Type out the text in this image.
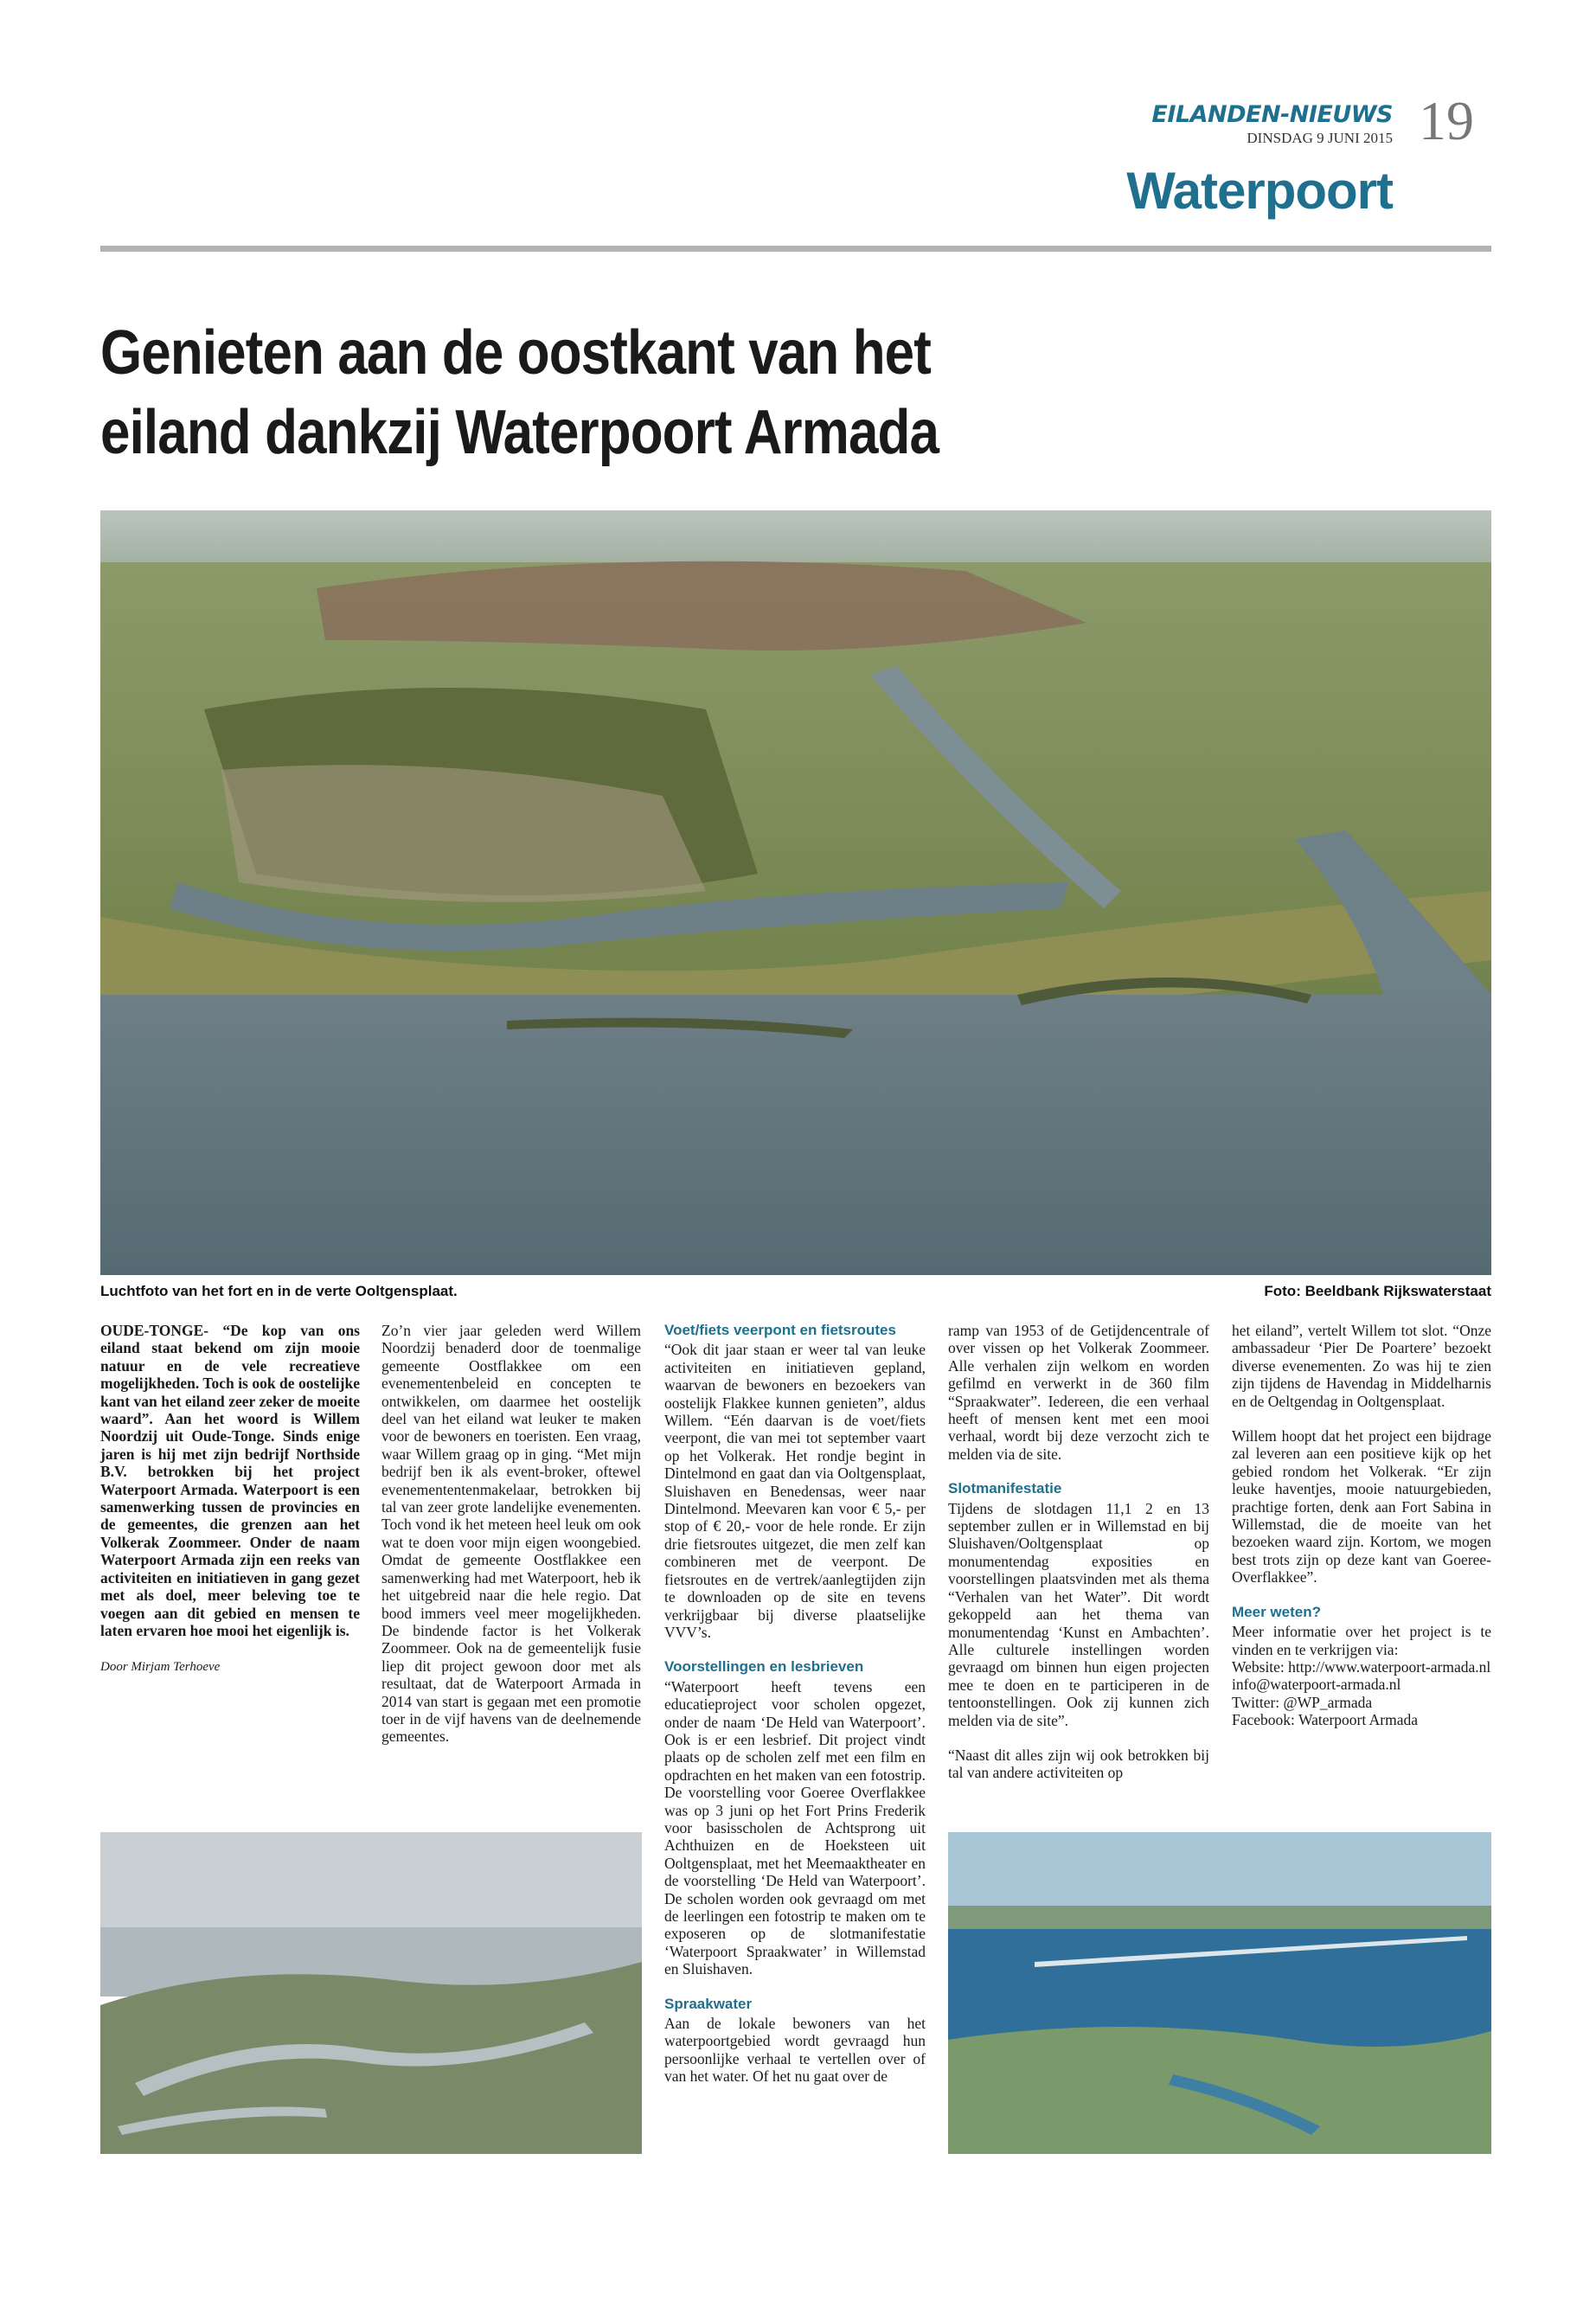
EILANDEN-NIEUWS
DINSDAG 9 JUNI 2015 19
Waterpoort
Genieten aan de oostkant van het
eiland dankzij Waterpoort Armada
Luchtfoto van het fort en in de verte Ooltgensplaat.	Foto: Beeldbank Rijkswaterstaat

OUDE-TONGE- “De kop van ons eiland staat bekend om zijn mooie natuur en de vele recreatieve mogelijkheden. Toch is ook de oostelijke kant van het eiland zeer zeker de moeite waard”. Aan het woord is Willem Noordzij uit Oude-Tonge. Sinds enige jaren is hij met zijn bedrijf Northside B.V. betrokken bij het project Waterpoort Armada. Waterpoort is een samenwerking tussen de provincies en de gemeentes, die grenzen aan het Volkerak Zoommeer. Onder de naam Waterpoort Armada zijn een reeks van activiteiten en initiatieven in gang gezet met als doel, meer beleving toe te voegen aan dit gebied en mensen te laten ervaren hoe mooi het eigenlijk is.

Door Mirjam Terhoeve

Zo’n vier jaar geleden werd Willem Noordzij benaderd door de toenmalige gemeente Oostflakkee om een evenementenbeleid en concepten te ontwikkelen, om daarmee het oostelijk deel van het eiland wat leuker te maken voor de bewoners en toeristen. Een vraag, waar Willem graag op in ging. “Met mijn bedrijf ben ik als event-broker, oftewel evenemententenmakelaar, betrokken bij tal van zeer grote landelijke evenementen. Toch vond ik het meteen heel leuk om ook wat te doen voor mijn eigen woongebied. Omdat de gemeente Oostflakkee een samenwerking had met Waterpoort, heb ik het uitgebreid naar die hele regio. Dat bood immers veel meer mogelijkheden. De bindende factor is het Volkerak Zoommeer. Ook na de gemeentelijk fusie liep dit project gewoon door met als resultaat, dat de Waterpoort Armada in 2014 van start is gegaan met een promotie toer in de vijf havens van de deelnemende gemeentes.

Voet/fiets veerpont en fietsroutes

“Ook dit jaar staan er weer tal van leuke activiteiten en initiatieven gepland, waarvan de bewoners en bezoekers van oostelijk Flakkee kunnen genieten”, aldus Willem. “Eén daarvan is de voet/fiets veerpont, die van mei tot september vaart op het Volkerak. Het rondje begint in Dintelmond en gaat dan via Ooltgensplaat, Sluishaven en Benedensas, weer naar Dintelmond. Meevaren kan voor € 5,- per stop of € 20,- voor de hele ronde. Er zijn drie fietsroutes uitgezet, die men zelf kan combineren met de veerpont. De fietsroutes en de vertrek/aanlegtijden zijn te downloaden op de site en tevens verkrijgbaar bij diverse plaatselijke VVV’s.

Voorstellingen en lesbrieven

“Waterpoort heeft tevens een educatieproject voor scholen opgezet, onder de naam ‘De Held van Waterpoort’. Ook is er een lesbrief. Dit project vindt plaats op de scholen zelf met een film en opdrachten en het maken van een fotostrip. De voorstelling voor Goeree Overflakkee was op 3 juni op het Fort Prins Frederik voor basisscholen de Achtsprong uit Achthuizen en de Hoeksteen uit Ooltgensplaat, met het Meemaaktheater en de voorstelling ‘De Held van Waterpoort’. De scholen worden ook gevraagd om met de leerlingen een fotostrip te maken om te exposeren op de slotmanifestatie ‘Waterpoort Spraakwater’ in Willemstad en Sluishaven.

Spraakwater

Aan de lokale bewoners van het waterpoortgebied wordt gevraagd hun persoonlijke verhaal te vertellen over of van het water. Of het nu gaat over de

ramp van 1953 of de Getijdencentrale of over vissen op het Volkerak Zoommeer. Alle verhalen zijn welkom en worden gefilmd en verwerkt in de 360 film “Spraakwater”. Iedereen, die een verhaal heeft of mensen kent met een mooi verhaal, wordt bij deze verzocht zich te melden via de site.

Slotmanifestatie

Tijdens de slotdagen 11,1 2 en 13 september zullen er in Willemstad en bij Sluishaven/Ooltgensplaat op monumentendag exposities en voorstellingen plaatsvinden met als thema “Verhalen van het Water”. Dit wordt gekoppeld aan het thema van monumentendag ‘Kunst en Ambachten’. Alle culturele instellingen worden gevraagd om binnen hun eigen projecten mee te doen en te participeren in de tentoonstellingen. Ook zij kunnen zich melden via de site”.

“Naast dit alles zijn wij ook betrokken bij tal van andere activiteiten op

het eiland”, vertelt Willem tot slot. “Onze ambassadeur ‘Pier De Poartere’ bezoekt diverse evenementen. Zo was hij te zien zijn tijdens de Havendag in Middelharnis en de Oeltgendag in Ooltgensplaat.

Willem hoopt dat het project een bijdrage zal leveren aan een positieve kijk op het gebied rondom het Volkerak. “Er zijn leuke haventjes, mooie natuurgebieden, prachtige forten, denk aan Fort Sabina in Willemstad, die de moeite van het bezoeken waard zijn. Kortom, we mogen best trots zijn op deze kant van Goeree-Overflakkee”.

Meer weten?
Meer informatie over het project is te vinden en te verkrijgen via:
Website: http://www.waterpoort-armada.nl
info@waterpoort-armada.nl
Twitter: @WP_armada
Facebook: Waterpoort Armada
